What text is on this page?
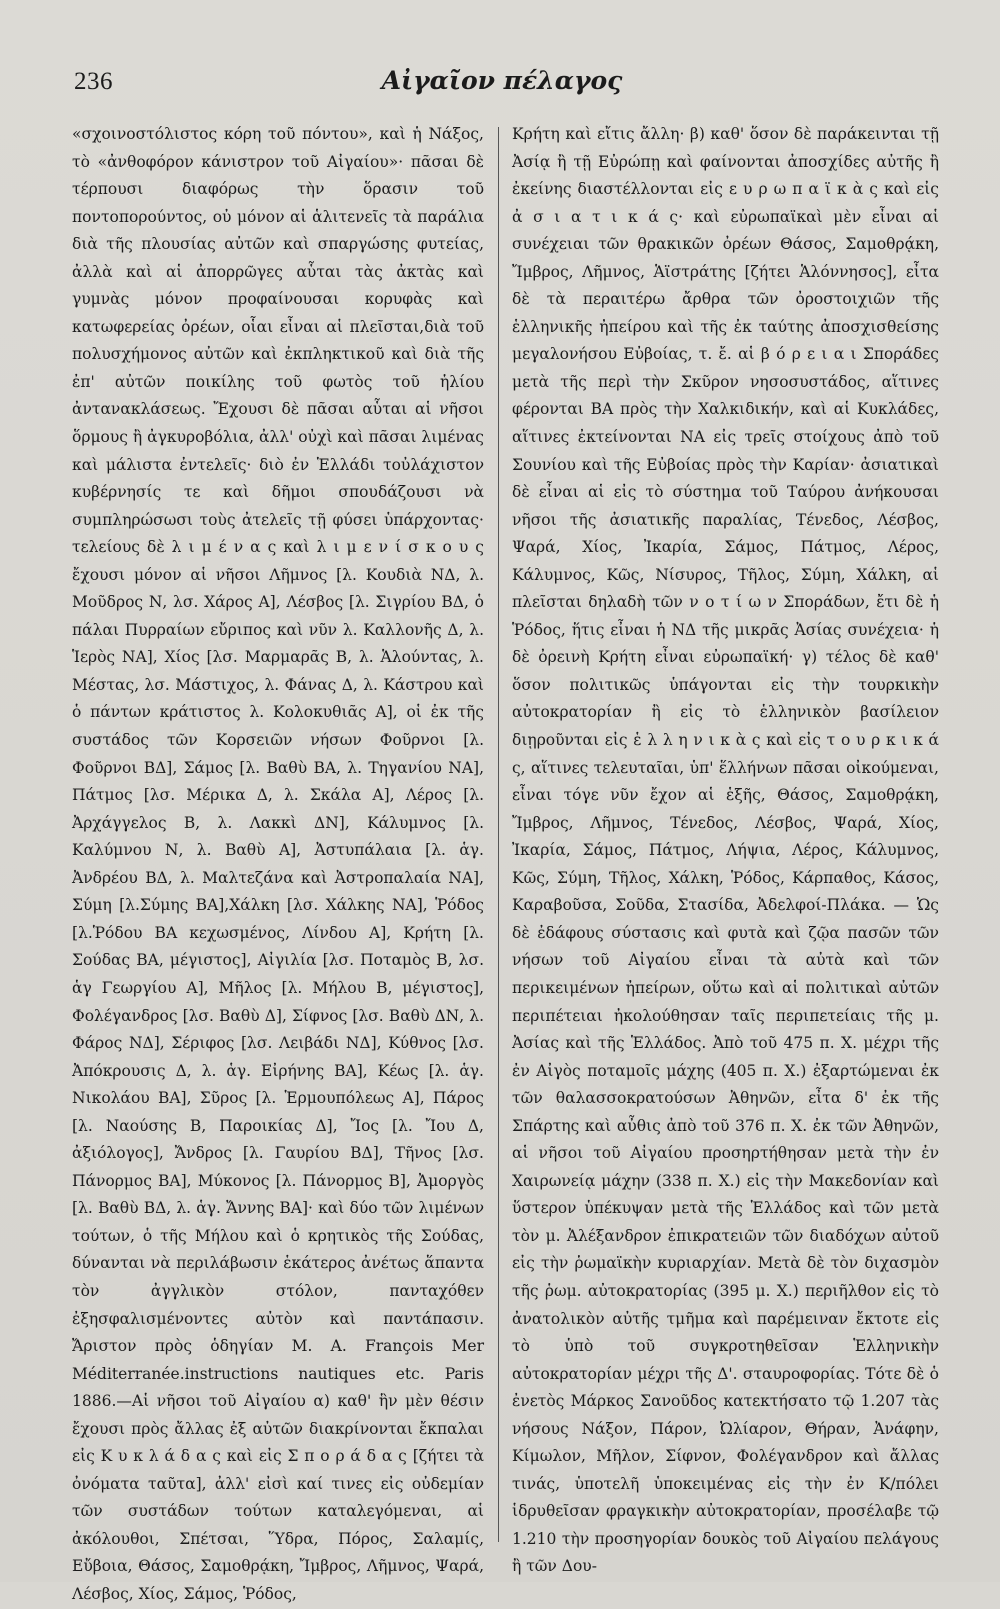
236	Αἰγαῖον πέλαγος

«σχοινοστόλιστος κόρη τοῦ πόντου», καὶ ἡ Νάξος, τὸ «ἀνθοφόρον κάνιστρον τοῦ Αἰγαίου»· πᾶσαι δὲ τέρπουσι διαφόρως τὴν ὅρασιν τοῦ ποντοπορούντος, οὐ μόνον αἱ ἁλιτενεῖς τὰ παράλια διὰ τῆς πλουσίας αὐτῶν καὶ σπαργώσης φυτείας, ἀλλὰ καὶ αἱ ἀπορρῶγες αὗται τὰς ἀκτὰς καὶ γυμνὰς μόνον προφαίνουσαι κορυφὰς καὶ κατωφερείας ὀρέων, οἷαι εἶναι αἱ πλεῖσται,διὰ τοῦ πολυσχήμονος αὐτῶν καὶ ἐκπληκτικοῦ καὶ διὰ τῆς ἐπ' αὐτῶν ποικίλης τοῦ φωτὸς τοῦ ἡλίου ἀντανακλάσεως. Ἔχουσι δὲ πᾶσαι αὗται αἱ νῆσοι ὅρμους ἢ ἀγκυροβόλια, ἀλλ' οὐχὶ καὶ πᾶσαι λιμένας καὶ μάλιστα ἐντελεῖς· διὸ ἐν Ἑλλάδι τοὐλάχιστον κυβέρνησίς τε καὶ δῆμοι σπουδάζουσι νὰ συμπληρώσωσι τοὺς ἀτελεῖς τῇ φύσει ὑπάρχοντας· τελείους δὲ λ ι μ έ ν α ς καὶ λ ι μ ε ν ί σ κ ο υ ς ἔχουσι μόνον αἱ νῆσοι Λῆμνος [λ. Κουδιὰ ΝΔ, λ. Μοῦδρος Ν, λσ. Χάρος Α], Λέσβος [λ. Σιγρίου ΒΔ, ὁ πάλαι Πυρραίων εὔριπος καὶ νῦν λ. Καλλονῆς Δ, λ. Ἱερὸς ΝΑ], Χίος [λσ. Μαρμαρᾶς Β, λ. Ἁλούντας, λ. Μέστας, λσ. Μάστιχος, λ. Φάνας Δ, λ. Κάστρου καὶ ὁ πάντων κράτιστος λ. Κολοκυθιᾶς Α], οἱ ἐκ τῆς συστάδος τῶν Κορσειῶν νήσων Φοῦρνοι [λ. Φοῦρνοι ΒΔ], Σάμος [λ. Βαθὺ ΒΑ, λ. Τηγανίου ΝΑ], Πάτμος [λσ. Μέρικα Δ, λ. Σκάλα Α], Λέρος [λ. Ἀρχάγγελος Β, λ. Λακκὶ ΔΝ], Κάλυμνος [λ. Καλύμνου Ν, λ. Βαθὺ Α], Ἀστυπάλαια [λ. ἁγ. Ἀνδρέου ΒΔ, λ. Μαλτεζάνα καὶ Ἀστροπαλαία ΝΑ], Σύμη [λ.Σύμης ΒΑ],Χάλκη [λσ. Χάλκης ΝΑ], Ῥόδος [λ.Ῥόδου ΒΑ κεχωσμένος, Λίνδου Α], Κρήτη [λ. Σούδας ΒΑ, μέγιστος], Αἰγιλία [λσ. Ποταμὸς Β, λσ. ἁγ Γεωργίου Α], Μῆλος [λ. Μήλου Β, μέγιστος], Φολέγανδρος [λσ. Βαθὺ Δ], Σίφνος [λσ. Βαθὺ ΔΝ, λ. Φάρος ΝΔ], Σέριφος [λσ. Λειβάδι ΝΔ], Κύθνος [λσ. Ἀπόκρουσις Δ, λ. ἁγ. Εἰρήνης ΒΑ], Κέως [λ. ἁγ. Νικολάου ΒΑ], Σῦρος [λ. Ἑρμουπόλεως Α], Πάρος [λ. Ναούσης Β, Παροικίας Δ], Ἴος [λ. Ἴου Δ, ἀξιόλογος], Ἄνδρος [λ. Γαυρίου ΒΔ], Τῆνος [λσ. Πάνορμος ΒΑ], Μύκονος [λ. Πάνορμος Β], Ἀμοργὸς [λ. Βαθὺ ΒΔ, λ. ἁγ. Ἄννης ΒΑ]· καὶ δύο τῶν λιμένων τούτων, ὁ τῆς Μήλου καὶ ὁ κρητικὸς τῆς Σούδας, δύνανται νὰ περιλάβωσιν ἑκάτερος ἀνέτως ἅπαντα τὸν ἀγγλικὸν στόλον, πανταχόθεν ἐξησφαλισμένοντες αὐτὸν καὶ παντάπασιν. Ἄριστον πρὸς ὁδηγίαν Μ. Α. François Mer Méditerranée.instructions nautiques etc. Paris 1886.—Αἱ νῆσοι τοῦ Αἰγαίου α) καθ' ἣν μὲν θέσιν ἔχουσι πρὸς ἄλλας ἐξ αὐτῶν διακρίνονται ἔκπαλαι εἰς Κ υ κ λ ά δ α ς καὶ εἰς Σ π ο ρ ά δ α ς [ζήτει τὰ ὀνόματα ταῦτα], ἀλλ' εἰσὶ καί τινες εἰς οὐδεμίαν τῶν συστάδων τούτων καταλεγόμεναι, αἱ ἀκόλουθοι, Σπέτσαι, Ὕδρα, Πόρος, Σαλαμίς, Εὔβοια, Θάσος, Σαμοθρᾴκη, Ἴμβρος, Λῆμνος, Ψαρά, Λέσβος, Χίος, Σάμος, Ῥόδος,

Κρήτη καὶ εἴτις ἄλλη· β) καθ' ὅσον δὲ παράκεινται τῇ Ἀσίᾳ ἢ τῇ Εὐρώπῃ καὶ φαίνονται ἀποσχίδες αὐτῆς ἢ ἐκείνης διαστέλλονται εἰς ε υ ρ ω π α ϊ κ ὰ ς καὶ εἰς ἀ σ ι α τ ι κ ά ς· καὶ εὐρωπαϊκαὶ μὲν εἶναι αἱ συνέχειαι τῶν θρακικῶν ὀρέων Θάσος, Σαμοθρᾴκη, Ἴμβρος, Λῆμνος, Ἁϊστράτης [ζήτει Ἁλόννησος], εἶτα δὲ τὰ περαιτέρω ἄρθρα τῶν ὀροστοιχιῶν τῆς ἑλληνικῆς ἠπείρου καὶ τῆς ἐκ ταύτης ἀποσχισθείσης μεγαλονήσου Εὐβοίας, τ. ἔ. αἱ β ό ρ ε ι α ι Σποράδες μετὰ τῆς περὶ τὴν Σκῦρον νησοσυστάδος, αἵτινες φέρονται ΒΑ πρὸς τὴν Χαλκιδικήν, καὶ αἱ Κυκλάδες, αἵτινες ἐκτείνονται ΝΑ εἰς τρεῖς στοίχους ἀπὸ τοῦ Σουνίου καὶ τῆς Εὐβοίας πρὸς τὴν Καρίαν· ἀσιατικαὶ δὲ εἶναι αἱ εἰς τὸ σύστημα τοῦ Ταύρου ἀνήκουσαι νῆσοι τῆς ἀσιατικῆς παραλίας, Τένεδος, Λέσβος, Ψαρά, Χίος, Ἰκαρία, Σάμος, Πάτμος, Λέρος, Κάλυμνος, Κῶς, Νίσυρος, Τῆλος, Σύμη, Χάλκη, αἱ πλεῖσται δηλαδὴ τῶν ν ο τ ί ω ν Σποράδων, ἔτι δὲ ἡ Ῥόδος, ἥτις εἶναι ἡ ΝΔ τῆς μικρᾶς Ἀσίας συνέχεια· ἡ δὲ ὀρεινὴ Κρήτη εἶναι εὐρωπαϊκή· γ) τέλος δὲ καθ' ὅσον πολιτικῶς ὑπάγονται εἰς τὴν τουρκικὴν αὐτοκρατορίαν ἢ εἰς τὸ ἑλληνικὸν βασίλειον διῃροῦνται εἰς ἑ λ λ η ν ι κ ὰ ς καὶ εἰς τ ο υ ρ κ ι κ ά ς, αἵτινες τελευταῖαι, ὑπ' ἕλλήνων πᾶσαι οἰκούμεναι, εἶναι τόγε νῦν ἔχον αἱ ἑξῆς, Θάσος, Σαμοθρᾴκη, Ἴμβρος, Λῆμνος, Τένεδος, Λέσβος, Ψαρά, Χίος, Ἰκαρία, Σάμος, Πάτμος, Λήψια, Λέρος, Κάλυμνος, Κῶς, Σύμη, Τῆλος, Χάλκη, Ῥόδος, Κάρπαθος, Κάσος, Καραβοῦσα, Σοῦδα, Στασίδα, Ἀδελφοί-Πλάκα. — Ὡς δὲ ἐδάφους σύστασις καὶ φυτὰ καὶ ζῷα πασῶν τῶν νήσων τοῦ Αἰγαίου εἶναι τὰ αὐτὰ καὶ τῶν περικειμένων ἠπείρων, οὕτω καὶ αἱ πολιτικαὶ αὐτῶν περιπέτειαι ἠκολούθησαν ταῖς περιπετείαις τῆς μ. Ἀσίας καὶ τῆς Ἑλλάδος. Ἀπὸ τοῦ 475 π. Χ. μέχρι τῆς ἐν Αἰγὸς ποταμοῖς μάχης (405 π. Χ.) ἐξαρτώμεναι ἐκ τῶν θαλασσοκρατούσων Ἀθηνῶν, εἶτα δ' ἐκ τῆς Σπάρτης καὶ αὖθις ἀπὸ τοῦ 376 π. Χ. ἐκ τῶν Ἀθηνῶν, αἱ νῆσοι τοῦ Αἰγαίου προσηρτήθησαν μετὰ τὴν ἐν Χαιρωνείᾳ μάχην (338 π. Χ.) εἰς τὴν Μακεδονίαν καὶ ὕστερον ὑπέκυψαν μετὰ τῆς Ἑλλάδος καὶ τῶν μετὰ τὸν μ. Ἀλέξανδρον ἐπικρατειῶν τῶν διαδόχων αὐτοῦ εἰς τὴν ῥωμαϊκὴν κυριαρχίαν. Μετὰ δὲ τὸν διχασμὸν τῆς ῥωμ. αὐτοκρατορίας (395 μ. Χ.) περιῆλθον εἰς τὸ ἀνατολικὸν αὐτῆς τμῆμα καὶ παρέμειναν ἔκτοτε εἰς τὸ ὑπὸ τοῦ συγκροτηθεῖσαν Ἑλληνικὴν αὐτοκρατορίαν μέχρι τῆς Δ'. σταυροφορίας. Τότε δὲ ὁ ἐνετὸς Μάρκος Σανοῦδος κατεκτήσατο τῷ 1.207 τὰς νήσους Νάξον, Πάρον, Ὠλίαρον, Θήραν, Ἀνάφην, Κίμωλον, Μῆλον, Σίφνον, Φολέγανδρον καὶ ἄλλας τινάς, ὑποτελῆ ὑποκειμένας εἰς τὴν ἐν Κ/πόλει ἱδρυθεῖσαν φραγκικὴν αὐτοκρατορίαν, προσέλαβε τῷ 1.210 τὴν προσηγορίαν δουκὸς τοῦ Αἰγαίου πελάγους ἢ τῶν Δου-
